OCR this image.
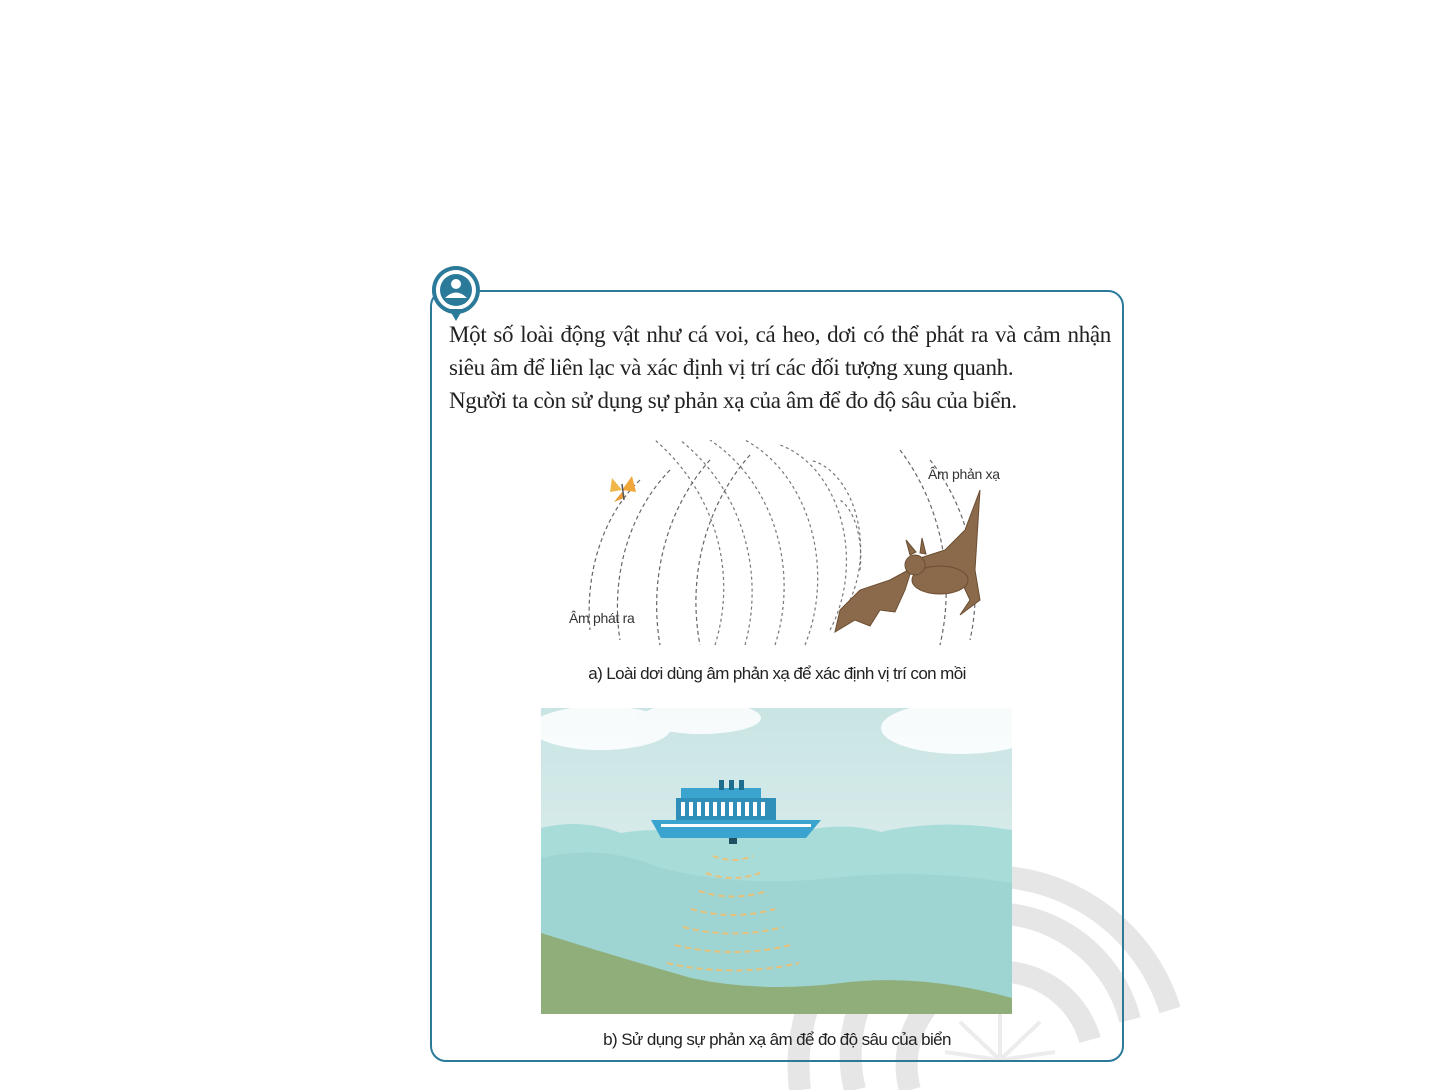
Một số loài động vật như cá voi, cá heo, dơi có thể phát ra và cảm nhận siêu âm để liên lạc và xác định vị trí các đối tượng xung quanh.

Người ta còn sử dụng sự phản xạ của âm để đo độ sâu của biển.

Âm phản xạ
Âm phát ra
a) Loài dơi dùng âm phản xạ để xác định vị trí con mồi
b) Sử dụng sự phản xạ âm để đo độ sâu của biển
